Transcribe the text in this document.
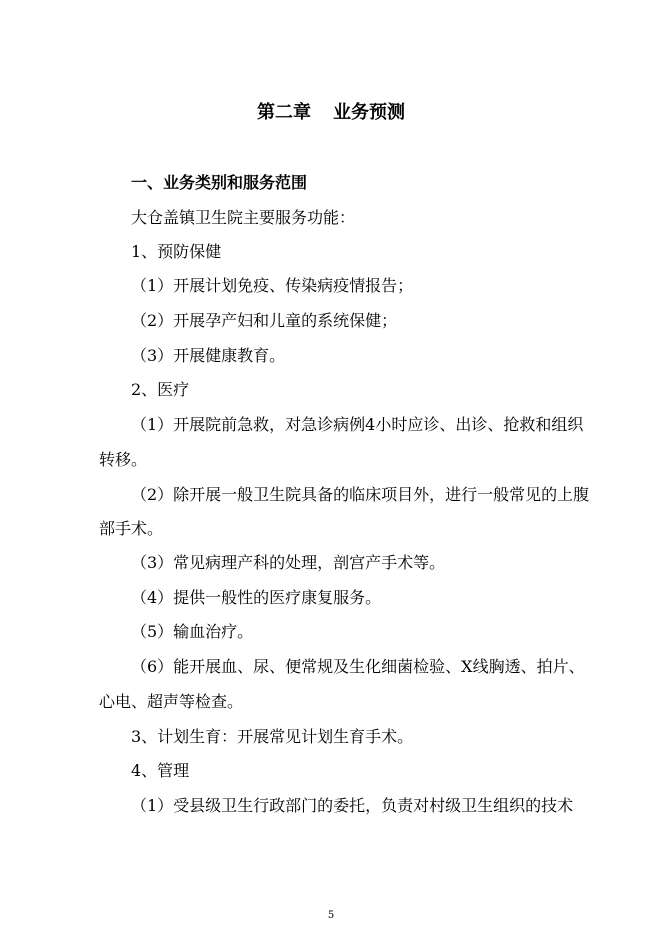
第二章 业务预测
一、业务类别和服务范围
大仓盖镇卫生院主要服务功能：
1、预防保健
（1）开展计划免疫、传染病疫情报告；
（2）开展孕产妇和儿童的系统保健；
（3）开展健康教育。
2、医疗
（1）开展院前急救，对急诊病例4小时应诊、出诊、抢救和组织
转移。
（2）除开展一般卫生院具备的临床项目外，进行一般常见的上腹
部手术。
（3）常见病理产科的处理，剖宫产手术等。
（4）提供一般性的医疗康复服务。
（5）输血治疗。
（6）能开展血、尿、便常规及生化细菌检验、X线胸透、拍片、
心电、超声等检查。
3、计划生育：开展常见计划生育手术。
4、管理
（1）受县级卫生行政部门的委托，负责对村级卫生组织的技术
5
